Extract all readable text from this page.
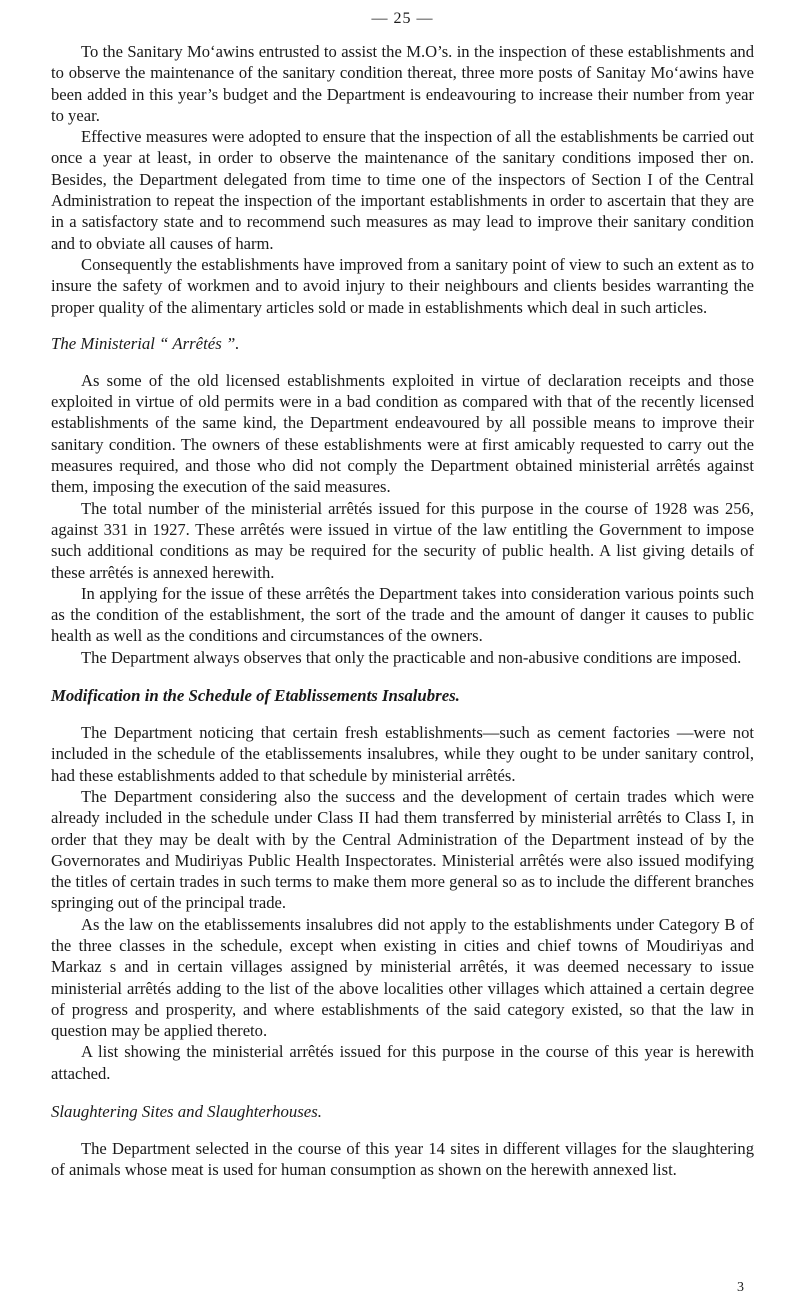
— 25 —

To the Sanitary Mo‘awins entrusted to assist the M.O’s. in the inspection of these establishments and to observe the maintenance of the sanitary condition thereat, three more posts of Sanitay Mo‘awins have been added in this year’s budget and the Department is endeavouring to increase their number from year to year.

Effective measures were adopted to ensure that the inspection of all the establishments be carried out once a year at least, in order to observe the maintenance of the sanitary conditions imposed ther on. Besides, the Department delegated from time to time one of the inspectors of Section I of the Central Administration to repeat the inspection of the important establishments in order to ascertain that they are in a satisfactory state and to recommend such measures as may lead to improve their sanitary condition and to obviate all causes of harm.

Consequently the establishments have improved from a sanitary point of view to such an extent as to insure the safety of workmen and to avoid injury to their neighbours and clients besides warranting the proper quality of the alimentary articles sold or made in establishments which deal in such articles.

The Ministerial “ Arrêtés ”.

As some of the old licensed establishments exploited in virtue of declaration receipts and those exploited in virtue of old permits were in a bad condition as compared with that of the recently licensed establishments of the same kind, the Department endeavoured by all possible means to improve their sanitary condition. The owners of these establishments were at first amicably requested to carry out the measures required, and those who did not comply the Department obtained ministerial arrêtés against them, imposing the execution of the said measures.

The total number of the ministerial arrêtés issued for this purpose in the course of 1928 was 256, against 331 in 1927. These arrêtés were issued in virtue of the law entitling the Government to impose such additional conditions as may be required for the security of public health. A list giving details of these arrêtés is annexed herewith.

In applying for the issue of these arrêtés the Department takes into consideration various points such as the condition of the establishment, the sort of the trade and the amount of danger it causes to public health as well as the conditions and circumstances of the owners.

The Department always observes that only the practicable and non-abusive conditions are imposed.

Modification in the Schedule of Etablissements Insalubres.

The Department noticing that certain fresh establishments—such as cement factories —were not included in the schedule of the etablissements insalubres, while they ought to be under sanitary control, had these establishments added to that schedule by ministerial arrêtés.

The Department considering also the success and the development of certain trades which were already included in the schedule under Class II had them transferred by ministerial arrêtés to Class I, in order that they may be dealt with by the Central Administration of the Department instead of by the Governorates and Mudiriyas Public Health Inspectorates. Ministerial arrêtés were also issued modifying the titles of certain trades in such terms to make them more general so as to include the different branches springing out of the principal trade.

As the law on the etablissements insalubres did not apply to the establishments under Category B of the three classes in the schedule, except when existing in cities and chief towns of Moudiriyas and Markaz s and in certain villages assigned by ministerial arrêtés, it was deemed necessary to issue ministerial arrêtés adding to the list of the above localities other villages which attained a certain degree of progress and prosperity, and where establishments of the said category existed, so that the law in question may be applied thereto.

A list showing the ministerial arrêtés issued for this purpose in the course of this year is herewith attached.

Slaughtering Sites and Slaughterhouses.

The Department selected in the course of this year 14 sites in different villages for the slaughtering of animals whose meat is used for human consumption as shown on the herewith annexed list.

3
